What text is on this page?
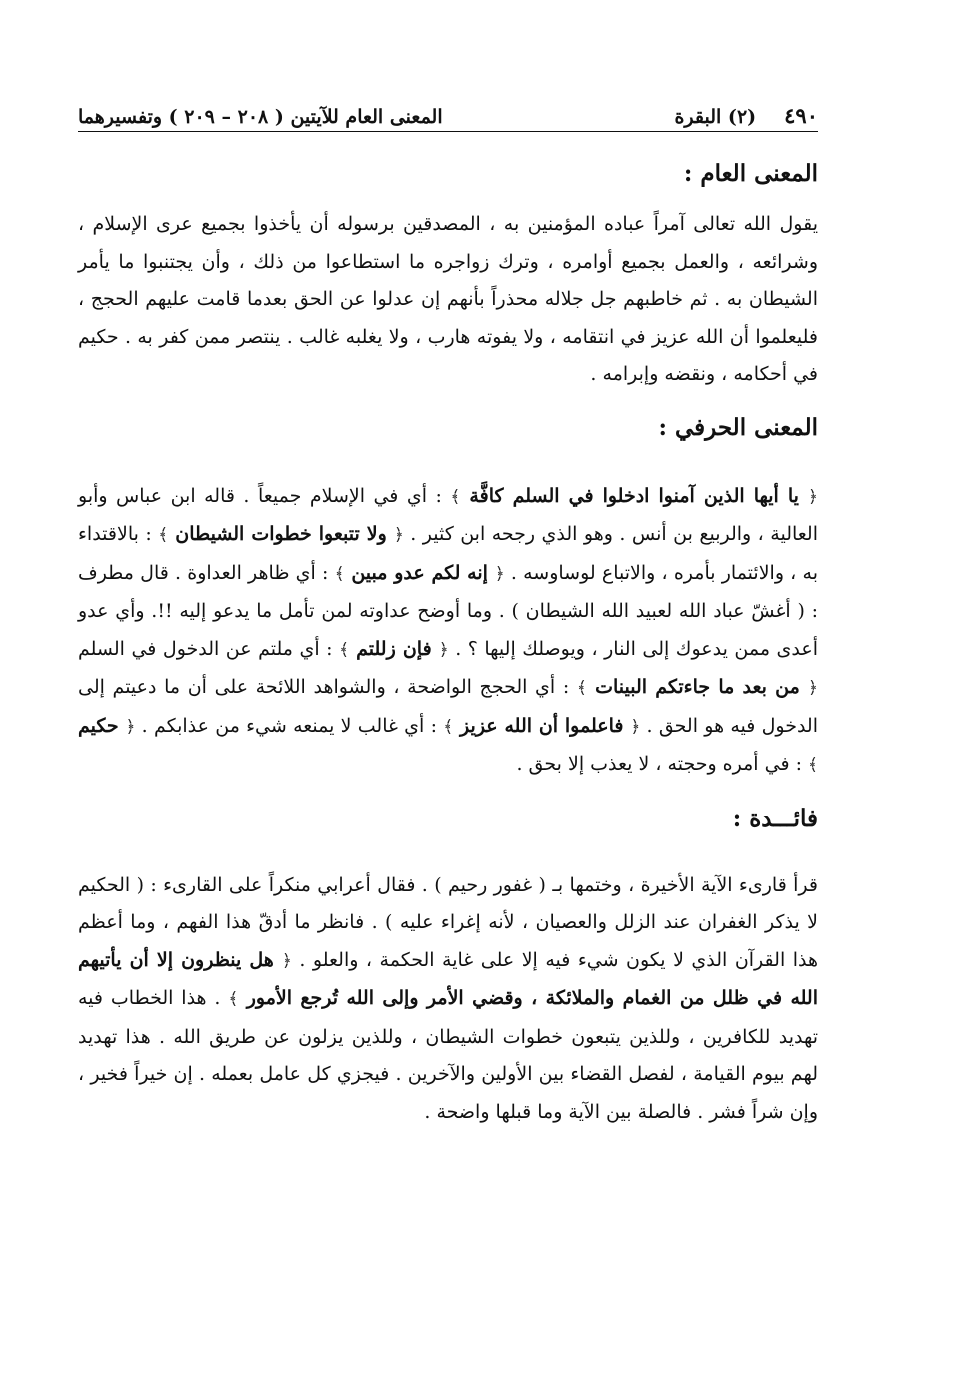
٤٩٠
(٢) البقرة
المعنى العام للآيتين ( ٢٠٨ – ٢٠٩ ) وتفسيرهما
المعنى العام :

يقول الله تعالى آمراً عباده المؤمنين به ، المصدقين برسوله أن يأخذوا بجميع عرى الإسلام ، وشرائعه ، والعمل بجميع أوامره ، وترك زواجره ما استطاعوا من ذلك ، وأن يجتنبوا ما يأمر الشيطان به . ثم خاطبهم جل جلاله محذراً بأنهم إن عدلوا عن الحق بعدما قامت عليهم الحجج ، فليعلموا أن الله عزيز في انتقامه ، ولا يفوته هارب ، ولا يغلبه غالب . ينتصر ممن كفر به . حكيم في أحكامه ، ونقضه وإبرامه .

المعنى الحرفي :

﴿ يا أيها الذين آمنوا ادخلوا في السلم كافَّة ﴾ : أي في الإسلام جميعاً . قاله ابن عباس وأبو العالية ، والربيع بن أنس . وهو الذي رجحه ابن كثير . ﴿ ولا تتبعوا خطوات الشيطان ﴾ : بالاقتداء به ، والائتمار بأمره ، والاتباع لوساوسه . ﴿ إنه لكم عدو مبين ﴾ : أي ظاهر العداوة . قال مطرف : ( أغشّ عباد الله لعبيد الله الشيطان ) . وما أوضح عداوته لمن تأمل ما يدعو إليه !!. وأي عدو أعدى ممن يدعوك إلى النار ، ويوصلك إليها ؟ . ﴿ فإن زللتم ﴾ : أي ملتم عن الدخول في السلم ﴿ من بعد ما جاءتكم البينات ﴾ : أي الحجج الواضحة ، والشواهد اللائحة على أن ما دعيتم إلى الدخول فيه هو الحق . ﴿ فاعلموا أن الله عزيز ﴾ : أي غالب لا يمنعه شيء من عذابكم . ﴿ حكيم ﴾ : في أمره وحجته ، لا يعذب إلا بحق .

فائـــدة :

قرأ قارىء الآية الأخيرة ، وختمها بـ ( غفور رحيم ) . فقال أعرابي منكراً على القارىء : ( الحكيم لا يذكر الغفران عند الزلل والعصيان ، لأنه إغراء عليه ) . فانظر ما أدقّ هذا الفهم ، وما أعظم هذا القرآن الذي لا يكون شيء فيه إلا على غاية الحكمة ، والعلو . ﴿ هل ينظرون إلا أن يأتيهم الله في ظلل من الغمام والملائكة ، وقضي الأمر وإلى الله تُرجع الأمور ﴾ . هذا الخطاب فيه تهديد للكافرين ، وللذين يتبعون خطوات الشيطان ، وللذين يزلون عن طريق الله . هذا تهديد لهم بيوم القيامة ، لفصل القضاء بين الأولين والآخرين . فيجزي كل عامل بعمله . إن خيراً فخير ، وإن شراً فشر . فالصلة بين الآية وما قبلها واضحة .
